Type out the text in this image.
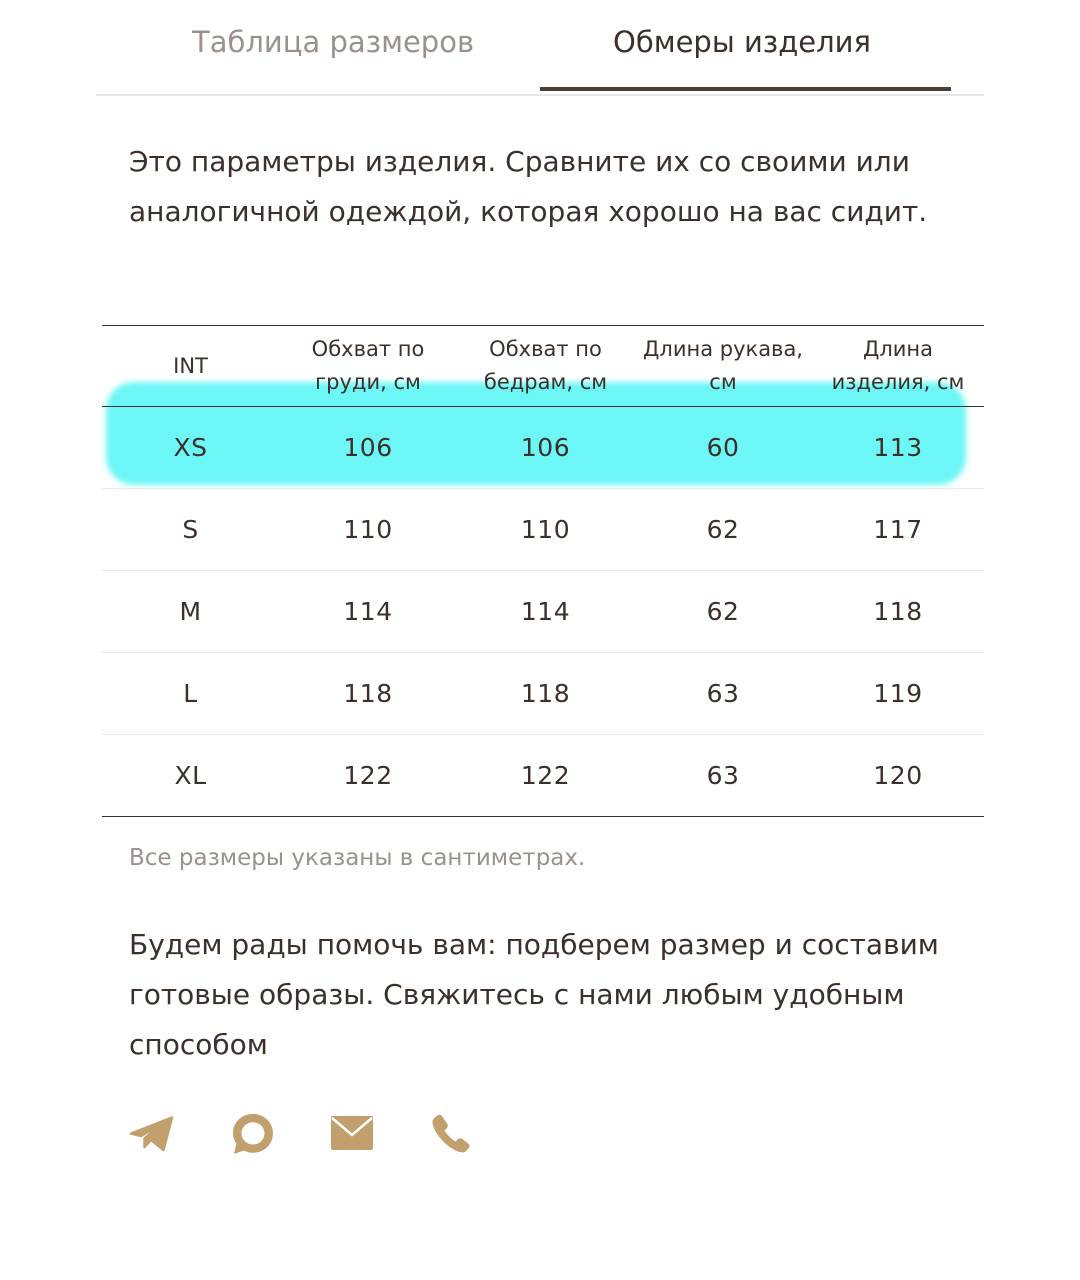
Таблица размеров	Обмеры изделия
Это параметры изделия. Сравните их со своими или аналогичной одеждой, которая хорошо на вас сидит.
INT	Обхват по груди, см	Обхват по бедрам, см	Длина рукава, см	Длина изделия, см
XS	106	106	60	113
S	110	110	62	117
M	114	114	62	118
L	118	118	63	119
XL	122	122	63	120
Все размеры указаны в сантиметрах.
Будем рады помочь вам: подберем размер и составим готовые образы. Свяжитесь с нами любым удобным способом
